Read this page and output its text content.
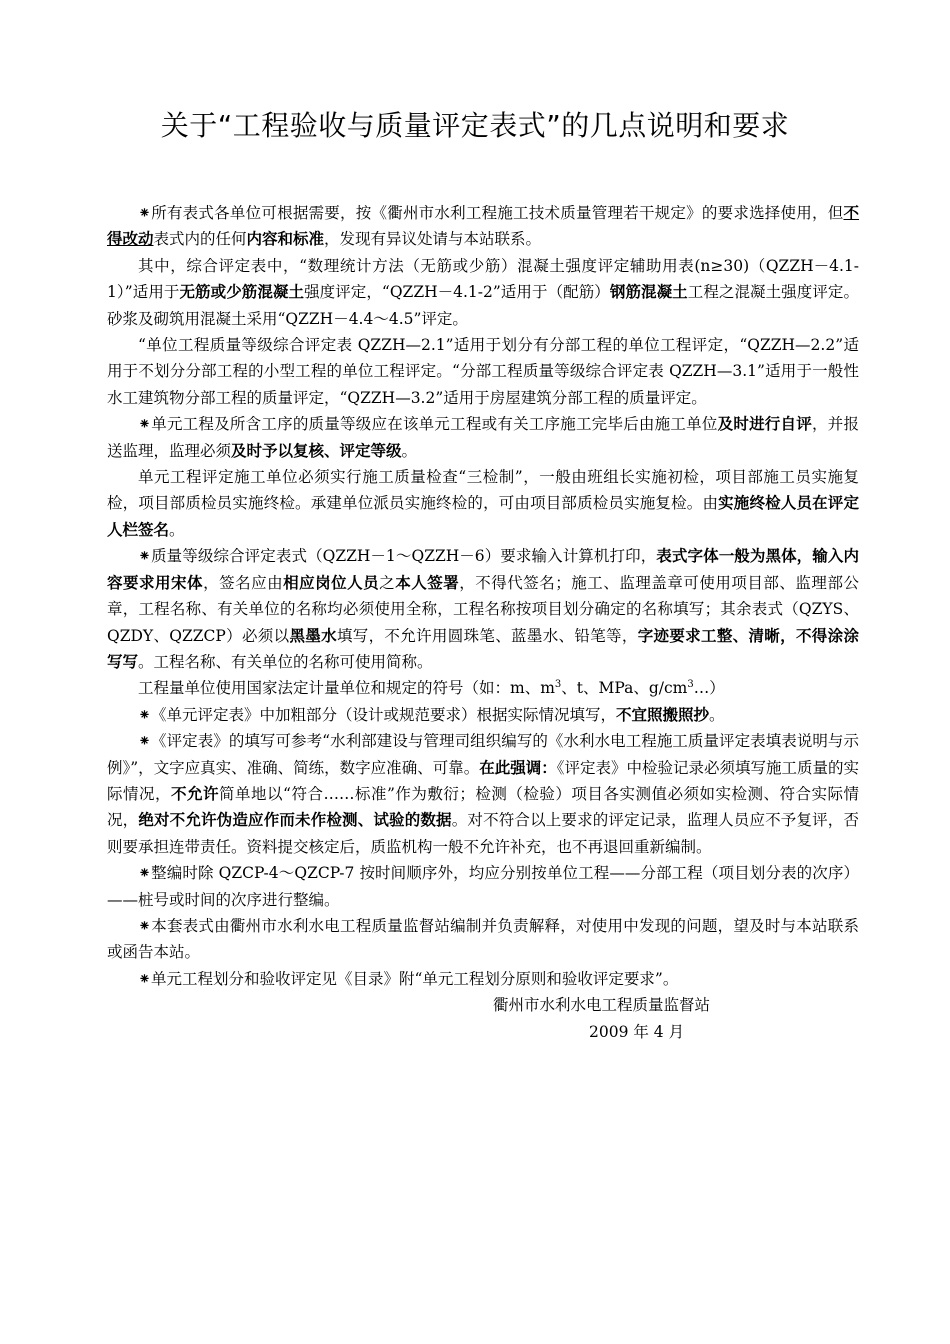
关于“工程验收与质量评定表式”的几点说明和要求

⁕所有表式各单位可根据需要，按《衢州市水利工程施工技术质量管理若干规定》的要求选择使用，但不得改动表式内的任何内容和标准，发现有异议处请与本站联系。

其中，综合评定表中，“数理统计方法（无筋或少筋）混凝土强度评定辅助用表(n≥30)（QZZH－4.1-1）”适用于无筋或少筋混凝土强度评定，“QZZH－4.1-2”适用于（配筋）钢筋混凝土工程之混凝土强度评定。砂浆及砌筑用混凝土采用“QZZH－4.4～4.5”评定。

“单位工程质量等级综合评定表 QZZH—2.1”适用于划分有分部工程的单位工程评定，“QZZH—2.2”适用于不划分分部工程的小型工程的单位工程评定。“分部工程质量等级综合评定表 QZZH—3.1”适用于一般性水工建筑物分部工程的质量评定，“QZZH—3.2”适用于房屋建筑分部工程的质量评定。

⁕单元工程及所含工序的质量等级应在该单元工程或有关工序施工完毕后由施工单位及时进行自评，并报送监理，监理必须及时予以复核、评定等级。

单元工程评定施工单位必须实行施工质量检查“三检制”，一般由班组长实施初检，项目部施工员实施复检，项目部质检员实施终检。承建单位派员实施终检的，可由项目部质检员实施复检。由实施终检人员在评定人栏签名。

⁕质量等级综合评定表式（QZZH－1～QZZH－6）要求输入计算机打印，表式字体一般为黑体，输入内容要求用宋体，签名应由相应岗位人员之本人签署，不得代签名；施工、监理盖章可使用项目部、监理部公章，工程名称、有关单位的名称均必须使用全称，工程名称按项目划分确定的名称填写；其余表式（QZYS、QZDY、QZZCP）必须以黑墨水填写，不允许用圆珠笔、蓝墨水、铅笔等，字迹要求工整、清晰，不得涂涂写写。工程名称、有关单位的名称可使用简称。

工程量单位使用国家法定计量单位和规定的符号（如：m、$m^3$、t、MPa、$g/cm^3\dots$）

⁕《单元评定表》中加粗部分（设计或规范要求）根据实际情况填写，不宜照搬照抄。

⁕《评定表》的填写可参考“水利部建设与管理司组织编写的《水利水电工程施工质量评定表填表说明与示例》”，文字应真实、准确、简练，数字应准确、可靠。在此强调：《评定表》中检验记录必须填写施工质量的实际情况，不允许简单地以“符合……标准”作为敷衍；检测（检验）项目各实测值必须如实检测、符合实际情况，绝对不允许伪造应作而未作检测、试验的数据。对不符合以上要求的评定记录，监理人员应不予复评，否则要承担连带责任。资料提交核定后，质监机构一般不允许补充，也不再退回重新编制。

⁕整编时除 QZCP-4～QZCP-7 按时间顺序外，均应分别按单位工程——分部工程（项目划分表的次序）——桩号或时间的次序进行整编。

⁕本套表式由衢州市水利水电工程质量监督站编制并负责解释，对使用中发现的问题，望及时与本站联系或函告本站。

⁕单元工程划分和验收评定见《目录》附“单元工程划分原则和验收评定要求”。

衢州市水利水电工程质量监督站

2009 年 4 月
